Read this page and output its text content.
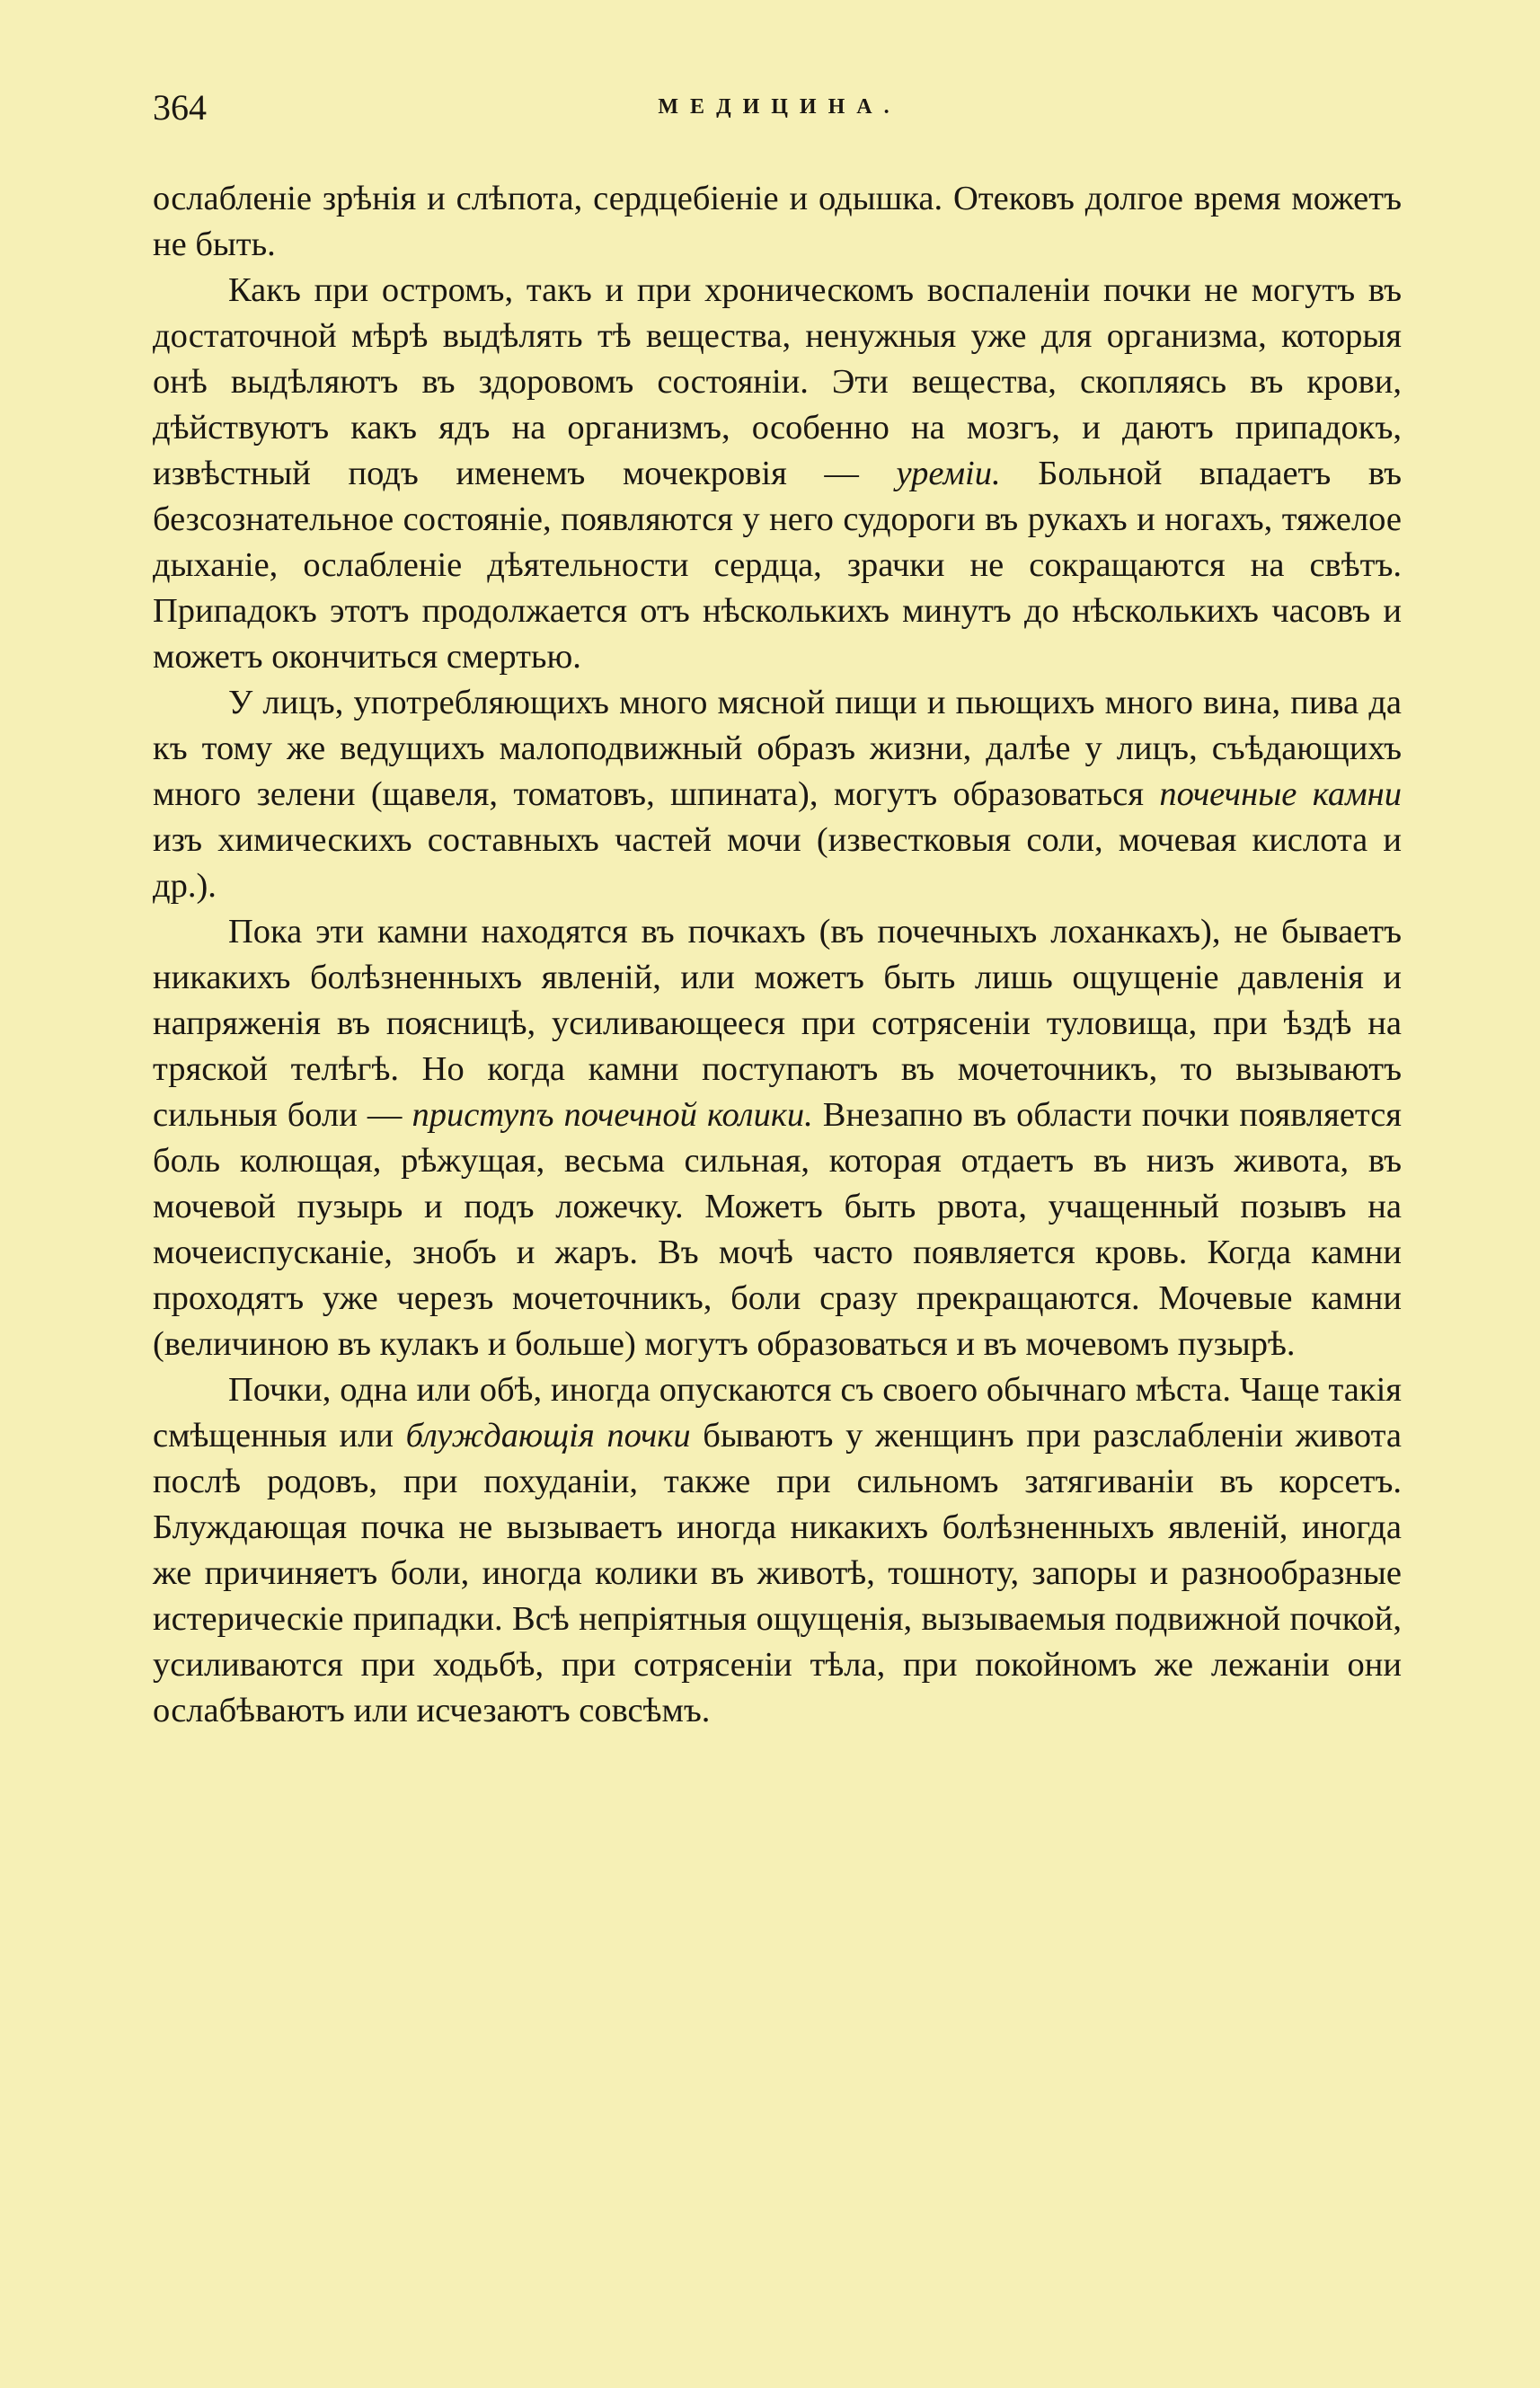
364	МЕДИЦИНА.

ослабленіе зрѣнія и слѣпота, сердцебіеніе и одышка. Отековъ долгое время можетъ не быть.

Какъ при остромъ, такъ и при хроническомъ воспаленіи почки не могутъ въ достаточной мѣрѣ выдѣлять тѣ вещества, ненужныя уже для организма, которыя онѣ выдѣляютъ въ здоровомъ состояніи. Эти вещества, скопляясь въ крови, дѣйствуютъ какъ ядъ на организмъ, особенно на мозгъ, и даютъ припадокъ, извѣстный подъ именемъ мочекровія — уреміи. Больной впадаетъ въ безсознательное состояніе, появляются у него судороги въ рукахъ и ногахъ, тяжелое дыханіе, ослабленіе дѣятельности сердца, зрачки не сокращаются на свѣтъ. Припадокъ этотъ продолжается отъ нѣсколькихъ минутъ до нѣсколькихъ часовъ и можетъ окончиться смертью.

У лицъ, употребляющихъ много мясной пищи и пьющихъ много вина, пива да къ тому же ведущихъ малоподвижный образъ жизни, далѣе у лицъ, съѣдающихъ много зелени (щавеля, томатовъ, шпината), могутъ образоваться почечные камни изъ химическихъ составныхъ частей мочи (известковыя соли, мочевая кислота и др.).

Пока эти камни находятся въ почкахъ (въ почечныхъ лоханкахъ), не бываетъ никакихъ болѣзненныхъ явленій, или можетъ быть лишь ощущеніе давленія и напряженія въ поясницѣ, усиливающееся при сотрясеніи туловища, при ѣздѣ на тряской телѣгѣ. Но когда камни поступаютъ въ мочеточникъ, то вызываютъ сильныя боли — приступъ почечной колики. Внезапно въ области почки появляется боль колющая, рѣжущая, весьма сильная, которая отдаетъ въ низъ живота, въ мочевой пузырь и подъ ложечку. Можетъ быть рвота, учащенный позывъ на мочеиспусканіе, знобъ и жаръ. Въ мочѣ часто появляется кровь. Когда камни проходятъ уже черезъ мочеточникъ, боли сразу прекращаются. Мочевые камни (величиною въ кулакъ и больше) могутъ образоваться и въ мочевомъ пузырѣ.

Почки, одна или обѣ, иногда опускаются съ своего обычнаго мѣста. Чаще такія смѣщенныя или блуждающія почки бываютъ у женщинъ при разслабленіи живота послѣ родовъ, при похуданіи, также при сильномъ затягиваніи въ корсетъ. Блуждающая почка не вызываетъ иногда никакихъ болѣзненныхъ явленій, иногда же причиняетъ боли, иногда колики въ животѣ, тошноту, запоры и разнообразные истерическіе припадки. Всѣ непріятныя ощущенія, вызываемыя подвижной почкой, усиливаются при ходьбѣ, при сотрясеніи тѣла, при покойномъ же лежаніи они ослабѣваютъ или исчезаютъ совсѣмъ.
